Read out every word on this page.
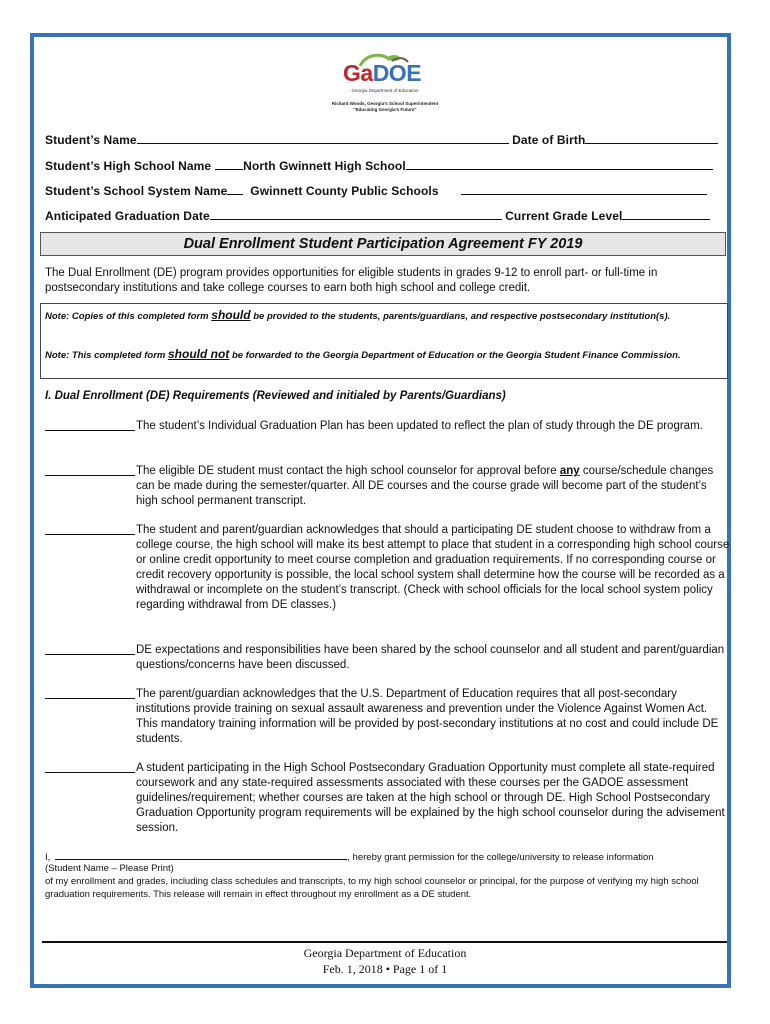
GaDOE
Georgia Department of Education
Richard Woods, Georgia's School Superintendent
"Educating Georgia's Future"
Student’s Name	Date of Birth
Student’s High School Name	North Gwinnett High School
Student’s School System Name Gwinnett County Public Schools
Anticipated Graduation Date	Current Grade Level
Dual Enrollment Student Participation Agreement FY 2019
The Dual Enrollment (DE) program provides opportunities for eligible students in grades 9-12 to enroll part- or full-time in postsecondary institutions and take college courses to earn both high school and college credit.
Note: Copies of this completed form should be provided to the students, parents/guardians, and respective postsecondary institution(s).
Note: This completed form should not be forwarded to the Georgia Department of Education or the Georgia Student Finance Commission.
I. Dual Enrollment (DE) Requirements (Reviewed and initialed by Parents/Guardians)
The student’s Individual Graduation Plan has been updated to reflect the plan of study through the DE program.
The eligible DE student must contact the high school counselor for approval before any course/schedule changes can be made during the semester/quarter. All DE courses and the course grade will become part of the student’s high school permanent transcript.
The student and parent/guardian acknowledges that should a participating DE student choose to withdraw from a college course, the high school will make its best attempt to place that student in a corresponding high school course or online credit opportunity to meet course completion and graduation requirements. If no corresponding course or credit recovery opportunity is possible, the local school system shall determine how the course will be recorded as a withdrawal or incomplete on the student’s transcript. (Check with school officials for the local school system policy regarding withdrawal from DE classes.)
DE expectations and responsibilities have been shared by the school counselor and all student and parent/guardian questions/concerns have been discussed.
The parent/guardian acknowledges that the U.S. Department of Education requires that all post-secondary institutions provide training on sexual assault awareness and prevention under the Violence Against Women Act. This mandatory training information will be provided by post-secondary institutions at no cost and could include DE students.
A student participating in the High School Postsecondary Graduation Opportunity must complete all state-required coursework and any state-required assessments associated with these courses per the GADOE assessment guidelines/requirement; whether courses are taken at the high school or through DE. High School Postsecondary Graduation Opportunity program requirements will be explained by the high school counselor during the advisement session.
I,	, hereby grant permission for the college/university to release information
(Student Name – Please Print)
of my enrollment and grades, including class schedules and transcripts, to my high school counselor or principal, for the purpose of verifying my high school graduation requirements. This release will remain in effect throughout my enrollment as a DE student.
Georgia Department of Education
Feb. 1, 2018 • Page 1 of 1
